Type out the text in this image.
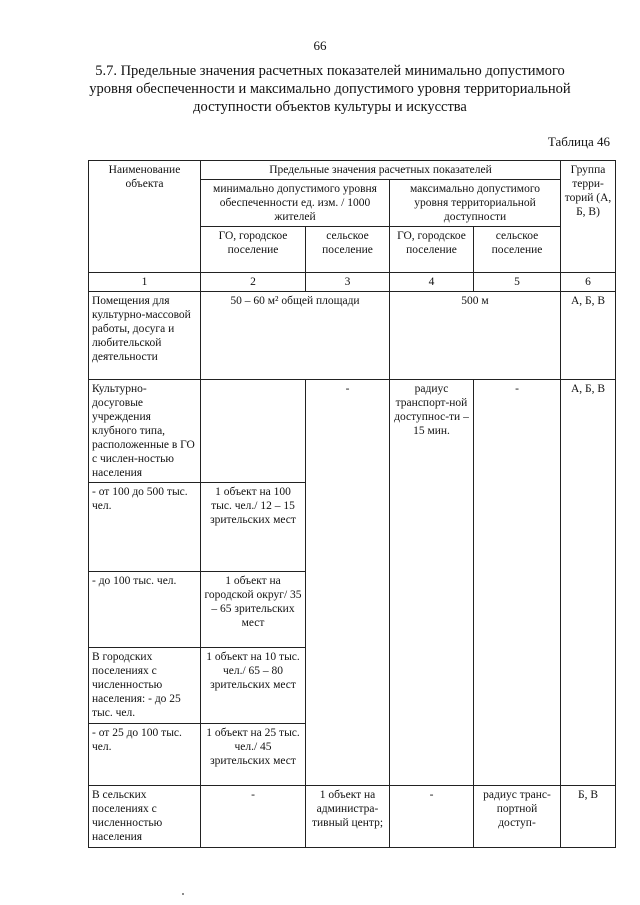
66
5.7. Предельные значения расчетных показателей минимально допустимого
уровня обеспеченности и максимально допустимого уровня территориальной
доступности объектов культуры и искусства
Таблица 46
Наименование объекта	Предельные значения расчетных показателей				Группа терри-торий (А, Б, В)
	минимально допустимого уровня обеспеченности ед. изм. / 1000 жителей		максимально допустимого уровня территориальной доступности		
	ГО, городское поселение	сельское поселение	ГО, городское поселение	сельское поселение	
1	2	3	4	5	6
Помещения для культурно-массовой работы, досуга и любительской деятельности	50 – 60 м² общей площади		500 м		А, Б, В
Культурно-досуговые учреждения клубного типа, расположенные в ГО с числен-ностью населения		-	радиус транспорт-ной доступнос-ти – 15 мин.	-	А, Б, В
- от 100 до 500 тыс. чел.	1 объект на 100 тыс. чел./ 12 – 15 зрительских мест				
- до 100 тыс. чел.	1 объект на городской округ/ 35 – 65 зрительских мест				
В городских поселениях с численностью населения: - до 25 тыс. чел.	1 объект на 10 тыс. чел./ 65 – 80 зрительских мест				
- от 25 до 100 тыс. чел.	1 объект на 25 тыс. чел./ 45 зрительских мест				
В сельских поселениях с численностью населения	-	1 объект на администра-тивный центр;	-	радиус транс-портной доступ-	Б, В
